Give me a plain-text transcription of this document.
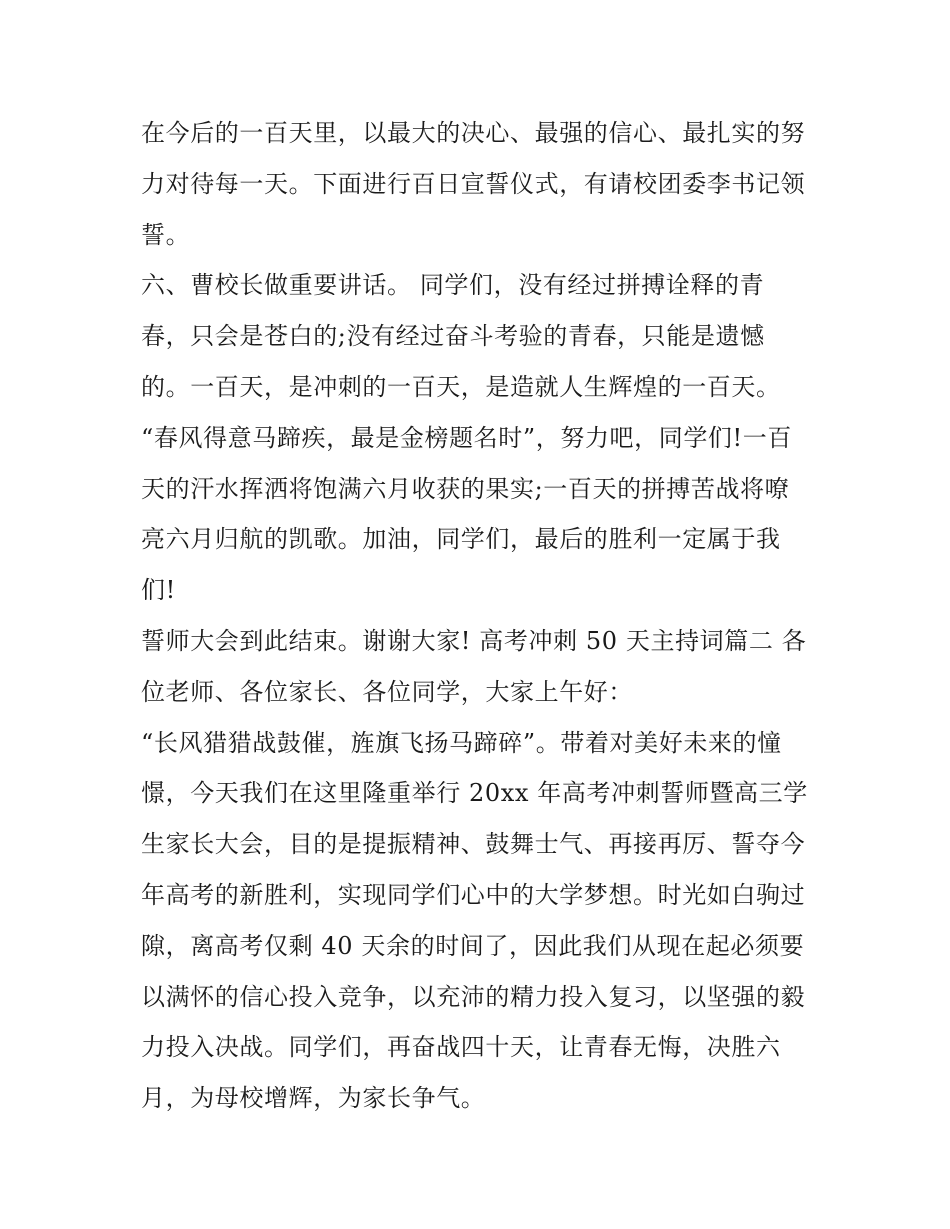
在今后的一百天里，以最大的决心、最强的信心、最扎实的努
力对待每一天。下面进行百日宣誓仪式，有请校团委李书记领
誓。
六、曹校长做重要讲话。 同学们，没有经过拼搏诠释的青
春，只会是苍白的;没有经过奋斗考验的青春，只能是遗憾
的。一百天，是冲刺的一百天，是造就人生辉煌的一百天。
“春风得意马蹄疾，最是金榜题名时”，努力吧，同学们!一百
天的汗水挥洒将饱满六月收获的果实;一百天的拼搏苦战将嘹
亮六月归航的凯歌。加油，同学们，最后的胜利一定属于我
们!
誓师大会到此结束。谢谢大家! 高考冲刺 50 天主持词篇二 各
位老师、各位家长、各位同学，大家上午好：
“长风猎猎战鼓催，旌旗飞扬马蹄碎”。带着对美好未来的憧
憬，今天我们在这里隆重举行 20xx 年高考冲刺誓师暨高三学
生家长大会，目的是提振精神、鼓舞士气、再接再厉、誓夺今
年高考的新胜利，实现同学们心中的大学梦想。时光如白驹过
隙，离高考仅剩 40 天余的时间了，因此我们从现在起必须要
以满怀的信心投入竞争，以充沛的精力投入复习，以坚强的毅
力投入决战。同学们，再奋战四十天，让青春无悔，决胜六
月，为母校增辉，为家长争气。
